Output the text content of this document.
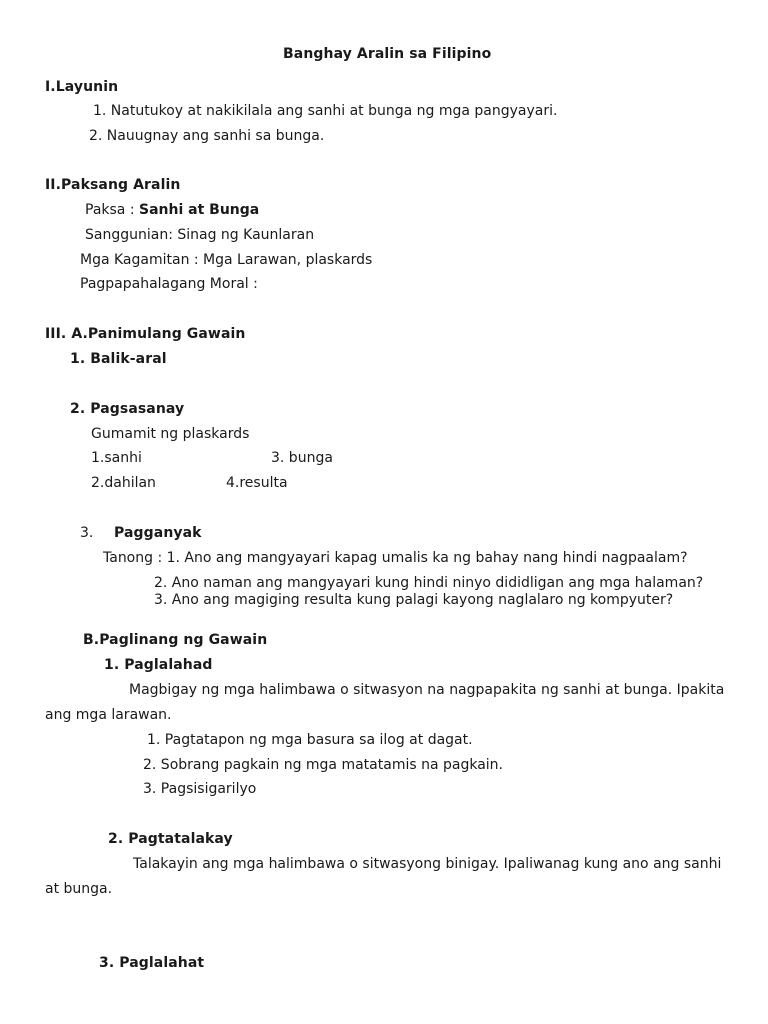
Banghay Aralin sa Filipino
I.Layunin
1. Natutukoy at nakikilala ang sanhi at bunga ng mga pangyayari.
2. Nauugnay ang sanhi sa bunga.
II.Paksang Aralin
Paksa : Sanhi at Bunga
Sanggunian: Sinag ng Kaunlaran
Mga Kagamitan : Mga Larawan, plaskards
Pagpapahalagang Moral :
III. A.Panimulang Gawain
1. Balik-aral
2. Pagsasanay
Gumamit ng plaskards
1.sanhi	3. bunga
2.dahilan	4.resulta
3. Pagganyak
Tanong : 1. Ano ang mangyayari kapag umalis ka ng bahay nang hindi nagpaalam?
2. Ano naman ang mangyayari kung hindi ninyo dididligan ang mga halaman?
3. Ano ang magiging resulta kung palagi kayong naglalaro ng kompyuter?
B.Paglinang ng Gawain
1. Paglalahad
Magbigay ng mga halimbawa o sitwasyon na nagpapakita ng sanhi at bunga. Ipakita
ang mga larawan.
1. Pagtatapon ng mga basura sa ilog at dagat.
2. Sobrang pagkain ng mga matatamis na pagkain.
3. Pagsisigarilyo
2. Pagtatalakay
Talakayin ang mga halimbawa o sitwasyong binigay. Ipaliwanag kung ano ang sanhi
at bunga.
3. Paglalahat
